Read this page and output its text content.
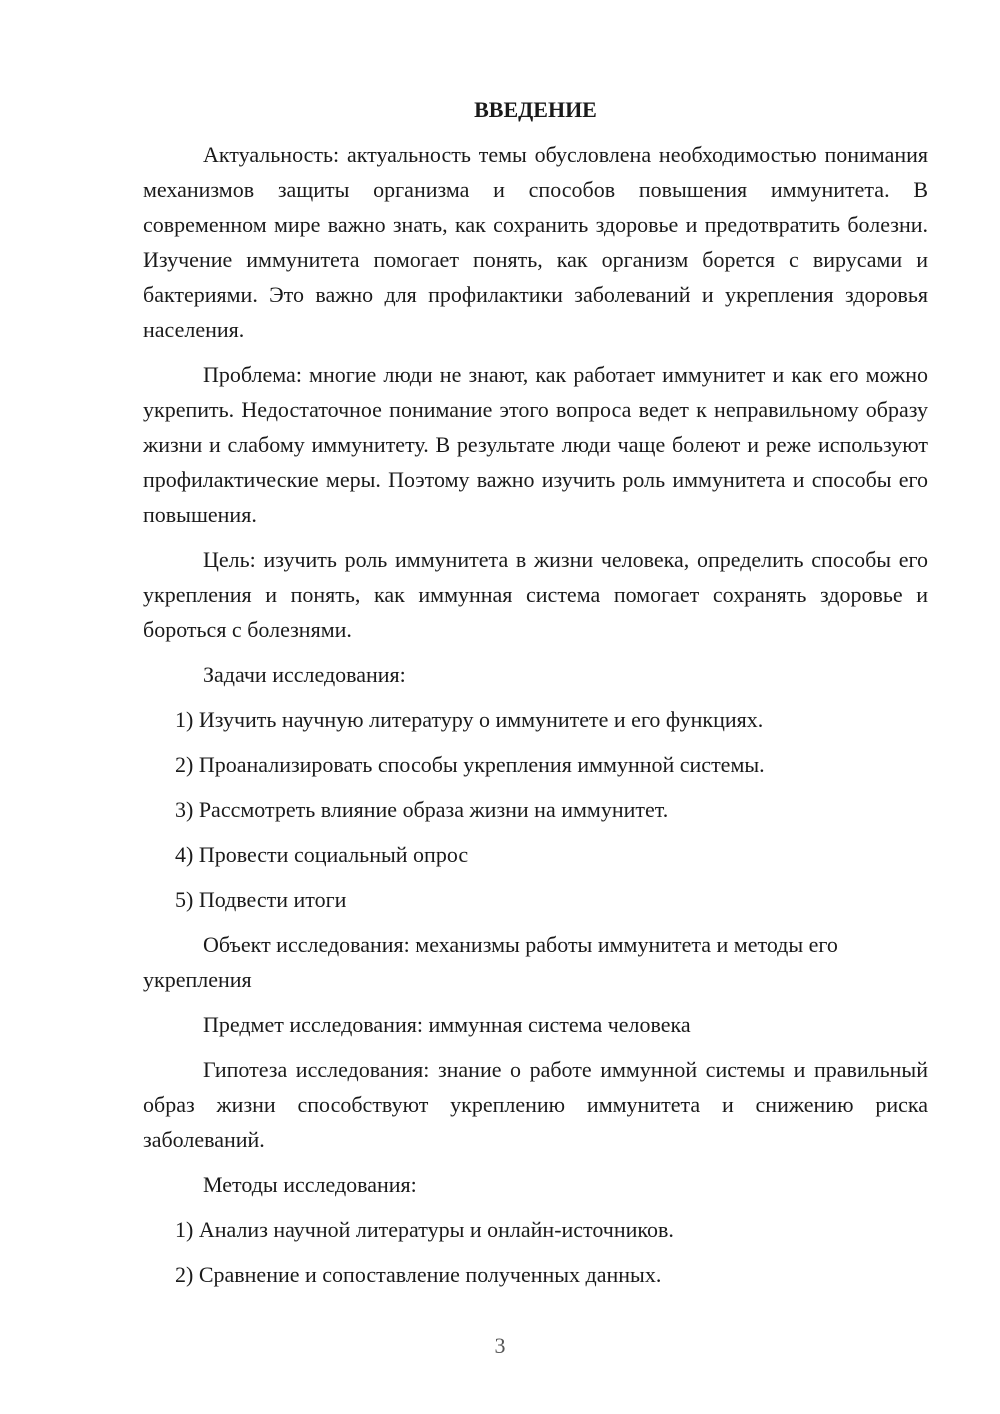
ВВЕДЕНИЕ

Актуальность: актуальность темы обусловлена необходимостью понимания механизмов защиты организма и способов повышения иммунитета. В современном мире важно знать, как сохранить здоровье и предотвратить болезни. Изучение иммунитета помогает понять, как организм борется с вирусами и бактериями. Это важно для профилактики заболеваний и укрепления здоровья населения.

Проблема: многие люди не знают, как работает иммунитет и как его можно укрепить. Недостаточное понимание этого вопроса ведет к неправильному образу жизни и слабому иммунитету. В результате люди чаще болеют и реже используют профилактические меры. Поэтому важно изучить роль иммунитета и способы его повышения.

Цель: изучить роль иммунитета в жизни человека, определить способы его укрепления и понять, как иммунная система помогает сохранять здоровье и бороться с болезнями.

Задачи исследования:

1) Изучить научную литературу о иммунитете и его функциях.

2) Проанализировать способы укрепления иммунной системы.

3) Рассмотреть влияние образа жизни на иммунитет.

4) Провести социальный опрос

5) Подвести итоги

Объект исследования: механизмы работы иммунитета и методы его укрепления

Предмет исследования: иммунная система человека

Гипотеза исследования: знание о работе иммунной системы и правильный образ жизни способствуют укреплению иммунитета и снижению риска заболеваний.

Методы исследования:

1) Анализ научной литературы и онлайн-источников.

2) Сравнение и сопоставление полученных данных.

3
